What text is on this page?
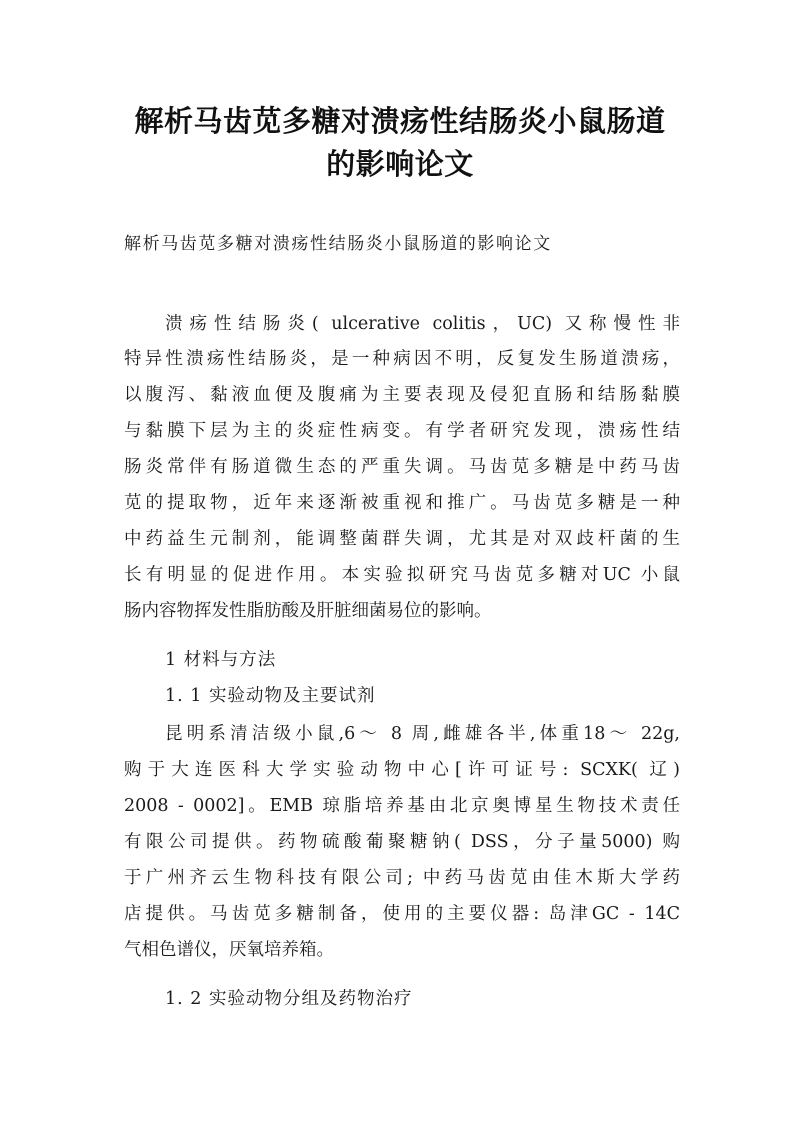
解析马齿苋多糖对溃疡性结肠炎小鼠肠道
的影响论文
解析马齿苋多糖对溃疡性结肠炎小鼠肠道的影响论文
溃疡性结肠炎( ulcerative colitis，UC) 又称慢性非
特异性溃疡性结肠炎，是一种病因不明，反复发生肠道溃疡，
以腹泻、黏液血便及腹痛为主要表现及侵犯直肠和结肠黏膜
与黏膜下层为主的炎症性病变。有学者研究发现，溃疡性结
肠炎常伴有肠道微生态的严重失调。马齿苋多糖是中药马齿
苋的提取物，近年来逐渐被重视和推广。马齿苋多糖是一种
中药益生元制剂，能调整菌群失调，尤其是对双歧杆菌的生
长有明显的促进作用。本实验拟研究马齿苋多糖对UC 小鼠
肠内容物挥发性脂肪酸及肝脏细菌易位的影响。
1 材料与方法
1. 1 实验动物及主要试剂
昆明系清洁级小鼠,6～ 8 周,雌雄各半,体重18～ 22g,
购于大连医科大学实验动物中心[许可证号: SCXK( 辽)
2008 - 0002]。EMB 琼脂培养基由北京奥博星生物技术责任
有限公司提供。药物硫酸葡聚糖钠( DSS，分子量5000) 购
于广州齐云生物科技有限公司; 中药马齿苋由佳木斯大学药
店提供。马齿苋多糖制备，使用的主要仪器: 岛津GC - 14C
气相色谱仪，厌氧培养箱。
1. 2 实验动物分组及药物治疗
